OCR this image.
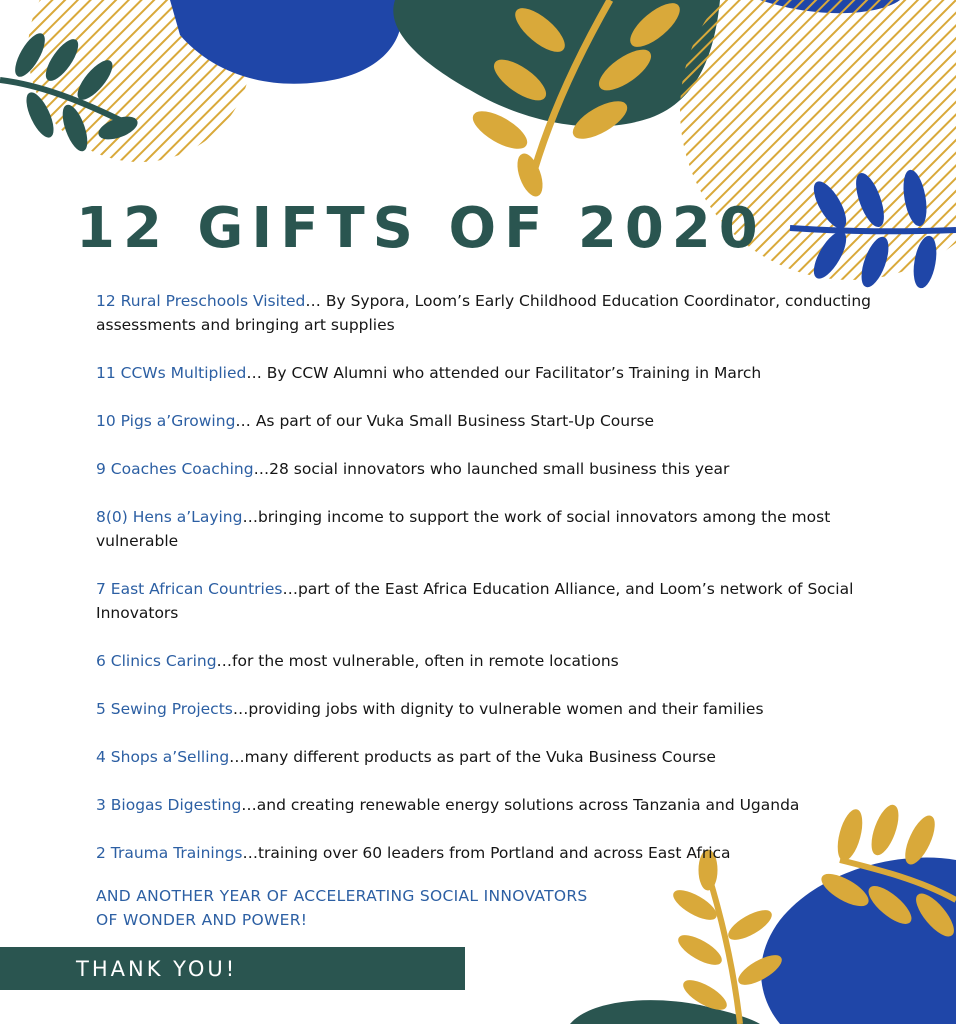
12 GIFTS OF 2020
12 Rural Preschools Visited… By Sypora, Loom’s Early Childhood Education Coordinator, conducting assessments and bringing art supplies
11 CCWs Multiplied… By CCW Alumni who attended our Facilitator’s Training in March
10 Pigs a’Growing… As part of our Vuka Small Business Start-Up Course
9 Coaches Coaching…28 social innovators who launched small business this year
8(0) Hens a’Laying…bringing income to support the work of social innovators among the most vulnerable
7 East African Countries…part of the East Africa Education Alliance, and Loom’s network of Social Innovators
6 Clinics Caring…for the most vulnerable, often in remote locations
5 Sewing Projects…providing jobs with dignity to vulnerable women and their families
4 Shops a’Selling…many different products as part of the Vuka Business Course
3 Biogas Digesting…and creating renewable energy solutions across Tanzania and Uganda
2 Trauma Trainings…training over 60 leaders from Portland and across East Africa

AND ANOTHER YEAR OF ACCELERATING SOCIAL INNOVATORS
OF WONDER AND POWER!

THANK YOU!
